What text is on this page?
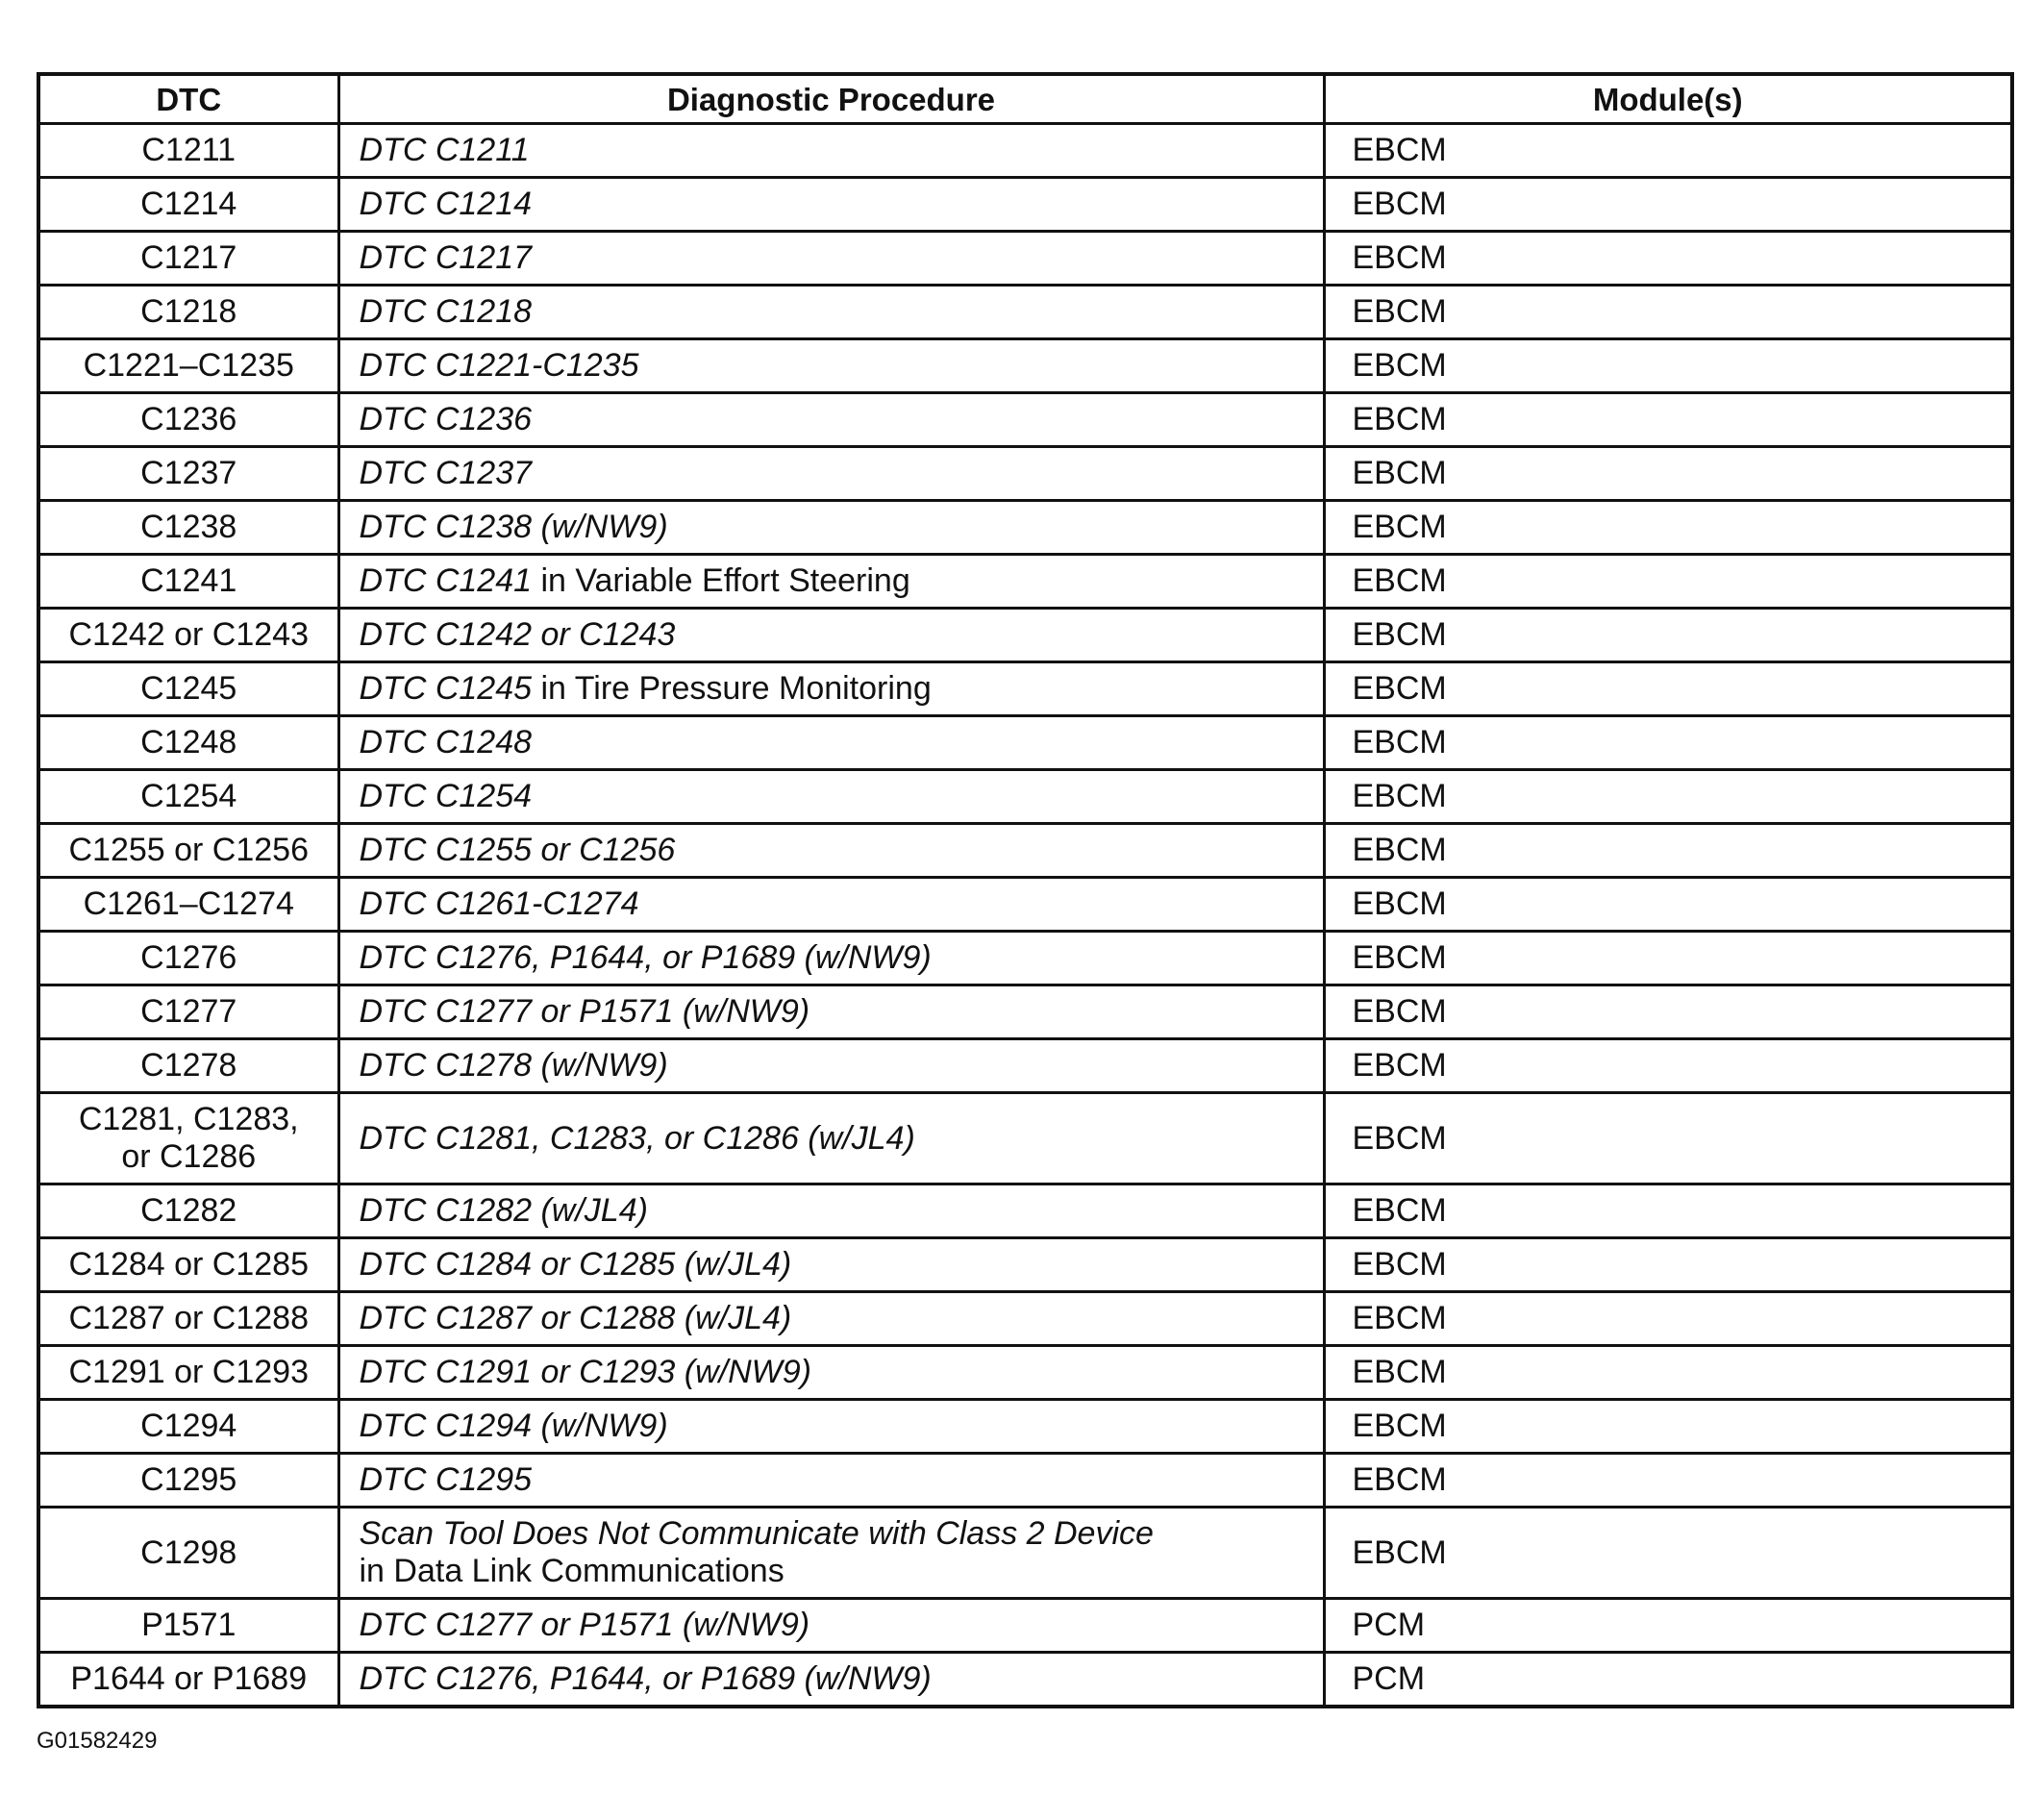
DTC	Diagnostic Procedure	Module(s)
C1211	DTC C1211	EBCM
C1214	DTC C1214	EBCM
C1217	DTC C1217	EBCM
C1218	DTC C1218	EBCM
C1221–C1235	DTC C1221-C1235	EBCM
C1236	DTC C1236	EBCM
C1237	DTC C1237	EBCM
C1238	DTC C1238 (w/NW9)	EBCM
C1241	DTC C1241 in Variable Effort Steering	EBCM
C1242 or C1243	DTC C1242 or C1243	EBCM
C1245	DTC C1245 in Tire Pressure Monitoring	EBCM
C1248	DTC C1248	EBCM
C1254	DTC C1254	EBCM
C1255 or C1256	DTC C1255 or C1256	EBCM
C1261–C1274	DTC C1261-C1274	EBCM
C1276	DTC C1276, P1644, or P1689 (w/NW9)	EBCM
C1277	DTC C1277 or P1571 (w/NW9)	EBCM
C1278	DTC C1278 (w/NW9)	EBCM
C1281, C1283,
or C1286	DTC C1281, C1283, or C1286 (w/JL4)	EBCM
C1282	DTC C1282 (w/JL4)	EBCM
C1284 or C1285	DTC C1284 or C1285 (w/JL4)	EBCM
C1287 or C1288	DTC C1287 or C1288 (w/JL4)	EBCM
C1291 or C1293	DTC C1291 or C1293 (w/NW9)	EBCM
C1294	DTC C1294 (w/NW9)	EBCM
C1295	DTC C1295	EBCM
C1298	Scan Tool Does Not Communicate with Class 2 Device
in Data Link Communications	EBCM
P1571	DTC C1277 or P1571 (w/NW9)	PCM
P1644 or P1689	DTC C1276, P1644, or P1689 (w/NW9)	PCM
G01582429
